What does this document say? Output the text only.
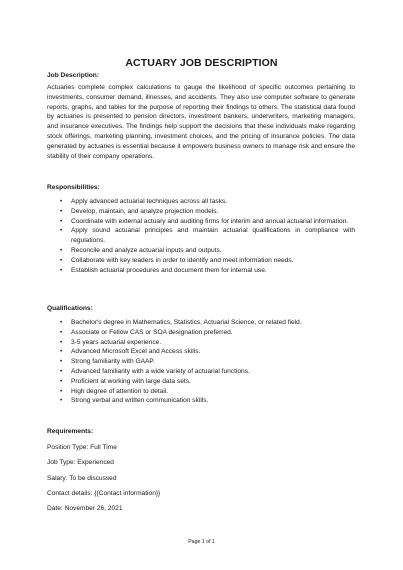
ACTUARY JOB DESCRIPTION
Job Description:

Actuaries complete complex calculations to gauge the likelihood of specific outcomes pertaining to investments, consumer demand, illnesses, and accidents. They also use computer software to generate reports, graphs, and tables for the purpose of reporting their findings to others. The statistical data found by actuaries is presented to pension directors, investment bankers, underwriters, marketing managers, and insurance executives. The findings help support the decisions that these individuals make regarding stock offerings, marketing planning, investment choices, and the pricing of insurance policies. The data generated by actuaries is essential because it empowers business owners to manage risk and ensure the stability of their company operations.

Responsibilities:
• Apply advanced actuarial techniques across all tasks.
• Develop, maintain, and analyze projection models.
• Coordinate with external actuary and auditing firms for interim and annual actuarial information.
• Apply sound actuarial principles and maintain actuarial qualifications in compliance with regulations.
• Reconcile and analyze actuarial inputs and outputs.
• Collaborate with key leaders in order to identify and meet information needs.
• Establish actuarial procedures and document them for internal use.
Qualifications:
• Bachelor's degree in Mathematics, Statistics, Actuarial Science, or related field.
• Associate or Fellow CAS or SOA designation preferred.
• 3-5 years actuarial experience.
• Advanced Microsoft Excel and Access skills.
• Strong familiarity with GAAP.
• Advanced familiarity with a wide variety of actuarial functions.
• Proficient at working with large data sets.
• High degree of attention to detail.
• Strong verbal and written communication skills.
Requirements:
Position Type: Full Time
Job Type: Experienced
Salary: To be discussed
Contact details: {{Contact information}}
Date: November 26, 2021
Page 1 of 1
